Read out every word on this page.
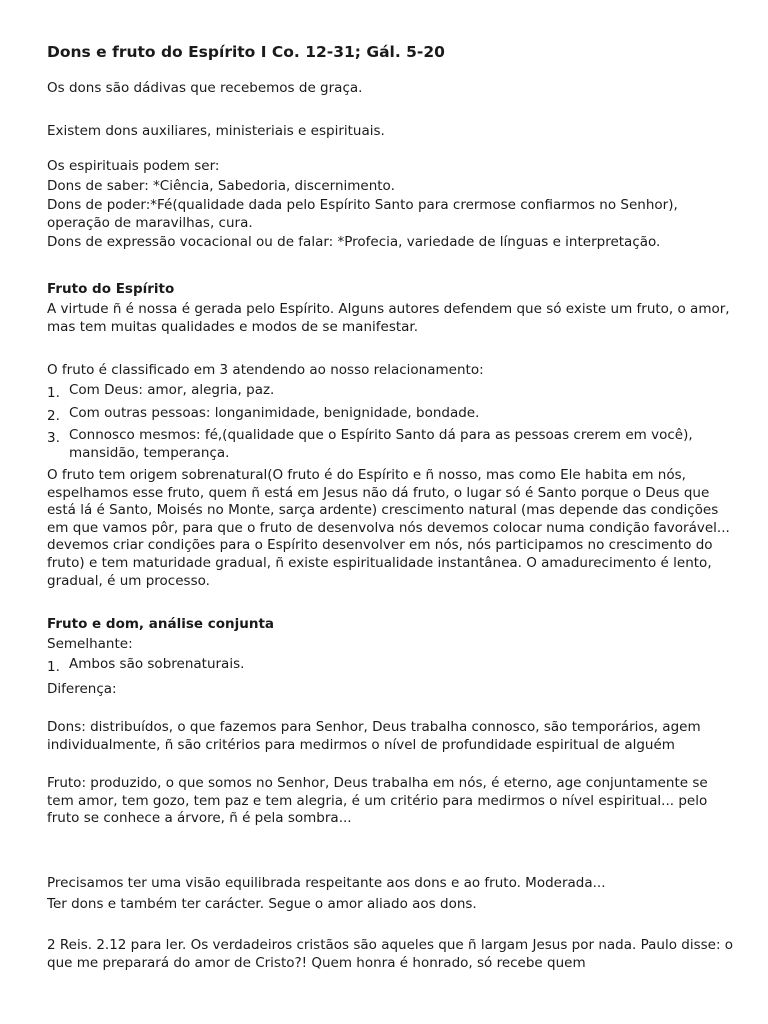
Dons e fruto do Espírito I Co. 12-31; Gál. 5-20

Os dons são dádivas que recebemos de graça.

Existem dons auxiliares, ministeriais e espirituais.

Os espirituais podem ser:

Dons de saber: *Ciência, Sabedoria, discernimento.

Dons de poder:*Fé(qualidade dada pelo Espírito Santo para crermose confiarmos no Senhor), operação de maravilhas, cura.

Dons de expressão vocacional ou de falar: *Profecia, variedade de línguas e interpretação.

Fruto do Espírito

A virtude ñ é nossa é gerada pelo Espírito. Alguns autores defendem que só existe um fruto, o amor, mas tem muitas qualidades e modos de se manifestar.

O fruto é classificado em 3 atendendo ao nosso relacionamento:

1. Com Deus: amor, alegria, paz.
2. Com outras pessoas: longanimidade, benignidade, bondade.
3. Connosco mesmos: fé,(qualidade que o Espírito Santo dá para as pessoas crerem em você), mansidão, temperança.

O fruto tem origem sobrenatural(O fruto é do Espírito e ñ nosso, mas como Ele habita em nós, espelhamos esse fruto, quem ñ está em Jesus não dá fruto, o lugar só é Santo porque o Deus que está lá é Santo, Moisés no Monte, sarça ardente) crescimento natural (mas depende das condições em que vamos pôr, para que o fruto de desenvolva nós devemos colocar numa condição favorável... devemos criar condições para o Espírito desenvolver em nós, nós participamos no crescimento do fruto) e tem maturidade gradual, ñ existe espiritualidade instantânea. O amadurecimento é lento, gradual, é um processo.

Fruto e dom, análise conjunta

Semelhante:

1. Ambos são sobrenaturais.

Diferença:

Dons: distribuídos, o que fazemos para Senhor, Deus trabalha connosco, são temporários, agem individualmente, ñ são critérios para medirmos o nível de profundidade espiritual de alguém

Fruto: produzido, o que somos no Senhor, Deus trabalha em nós, é eterno, age conjuntamente se tem amor, tem gozo, tem paz e tem alegria, é um critério para medirmos o nível espiritual... pelo fruto se conhece a árvore, ñ é pela sombra...

Precisamos ter uma visão equilibrada respeitante aos dons e ao fruto. Moderada...

Ter dons e também ter carácter. Segue o amor aliado aos dons.

2 Reis. 2.12 para ler. Os verdadeiros cristãos são aqueles que ñ largam Jesus por nada. Paulo disse: o que me preparará do amor de Cristo?! Quem honra é honrado, só recebe quem
